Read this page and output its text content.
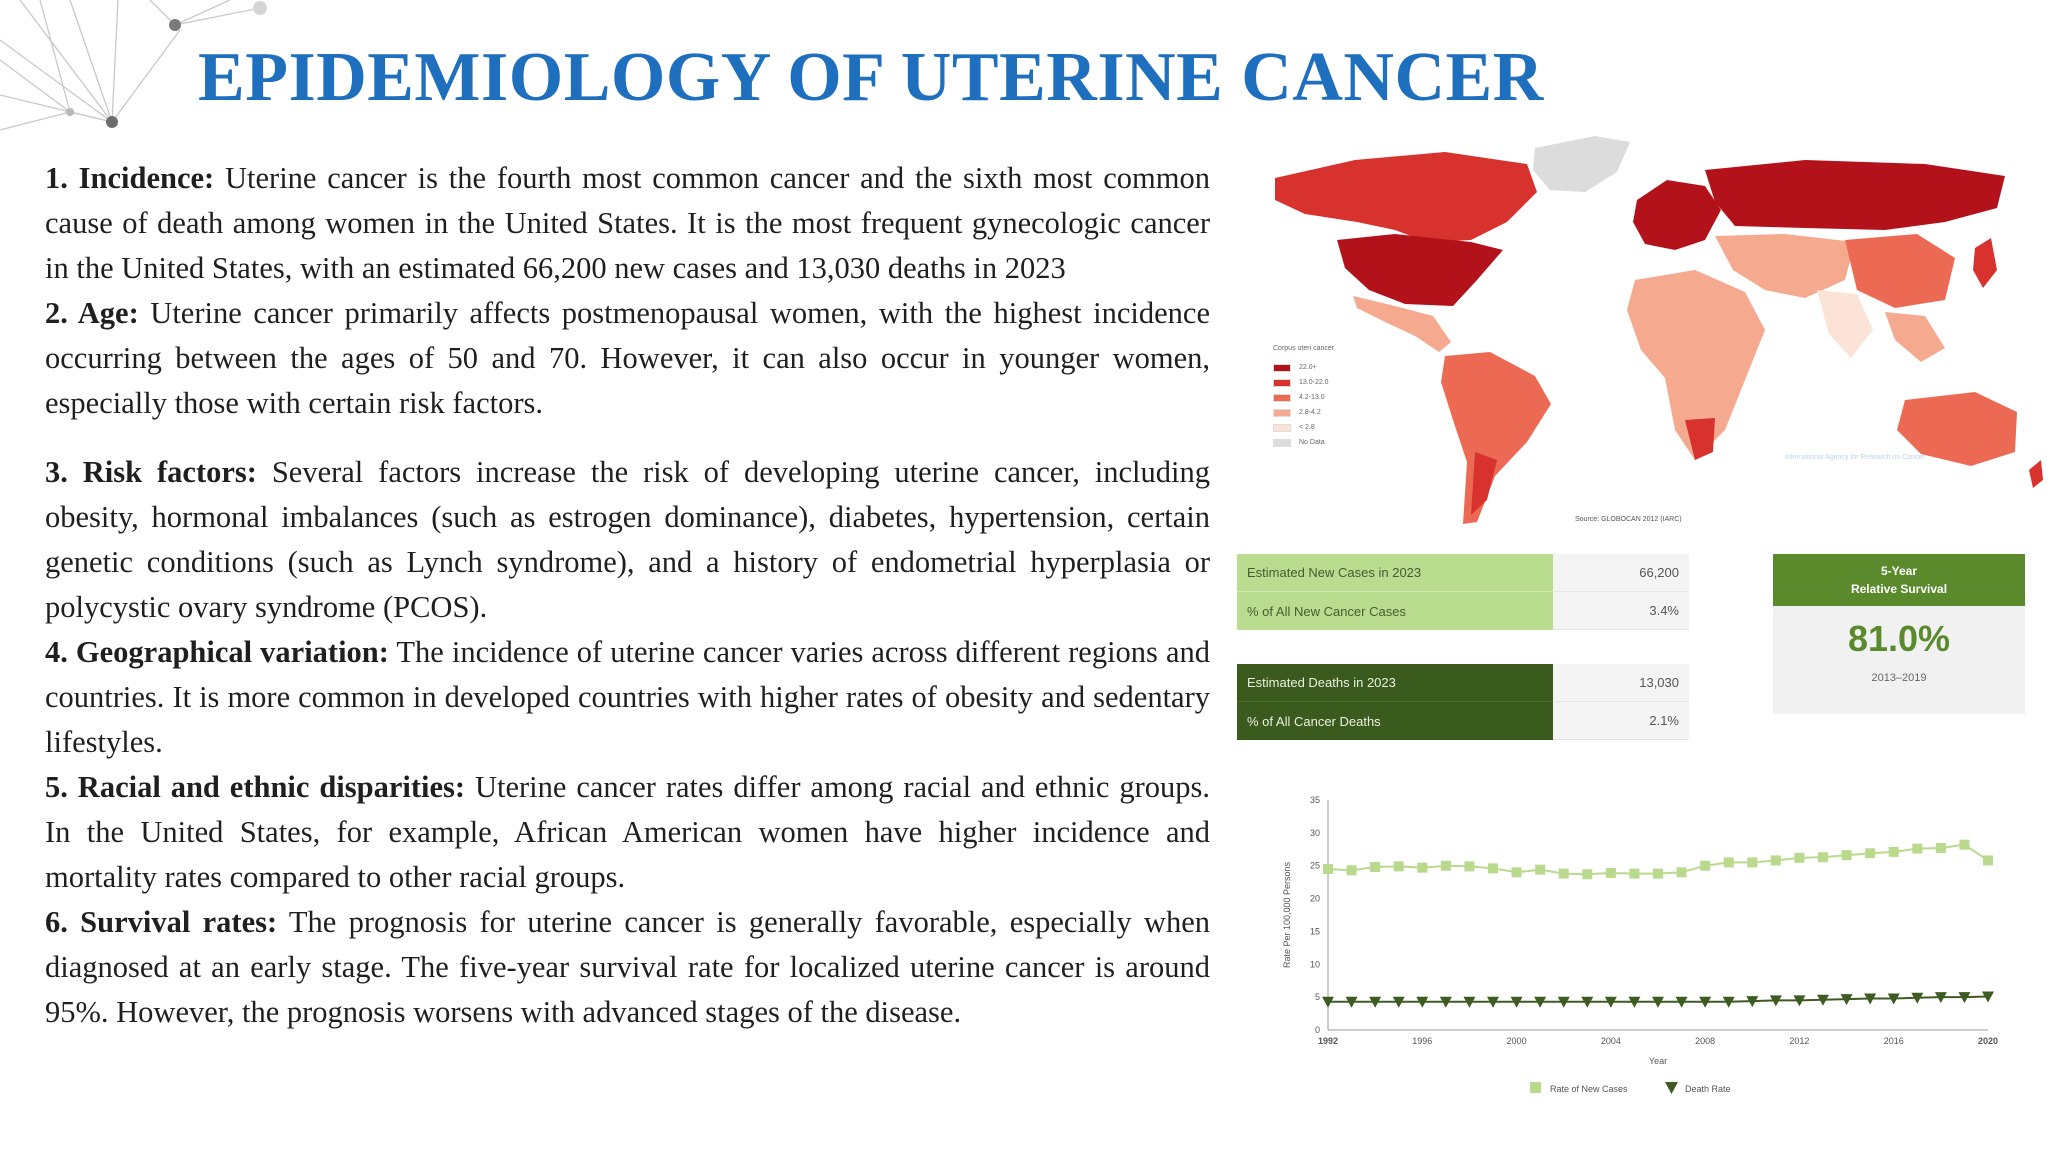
EPIDEMIOLOGY OF UTERINE CANCER

1. Incidence: Uterine cancer is the fourth most common cancer and the sixth most common cause of death among women in the United States. It is the most frequent gynecologic cancer in the United States, with an estimated 66,200 new cases and 13,030 deaths in 2023

2. Age: Uterine cancer primarily affects postmenopausal women, with the highest incidence occurring between the ages of 50 and 70. However, it can also occur in younger women, especially those with certain risk factors.

3. Risk factors: Several factors increase the risk of developing uterine cancer, including obesity, hormonal imbalances (such as estrogen dominance), diabetes, hypertension, certain genetic conditions (such as Lynch syndrome), and a history of endometrial hyperplasia or polycystic ovary syndrome (PCOS).

4. Geographical variation: The incidence of uterine cancer varies across different regions and countries. It is more common in developed countries with higher rates of obesity and sedentary lifestyles.

5. Racial and ethnic disparities: Uterine cancer rates differ among racial and ethnic groups. In the United States, for example, African American women have higher incidence and mortality rates compared to other racial groups.

6. Survival rates: The prognosis for uterine cancer is generally favorable, especially when diagnosed at an early stage. The five-year survival rate for localized uterine cancer is around 95%. However, the prognosis worsens with advanced stages of the disease.

Corpus uteri cancer
22.0+
13.0-22.0
4.2-13.0
2.8-4.2
< 2.8
No Data
International Agency for Research on Cancer
Source: GLOBOCAN 2012 (IARC)
Estimated New Cases in 2023	66,200
% of All New Cancer Cases	3.4%
Estimated Deaths in 2023	13,030
% of All Cancer Deaths	2.1%
5-Year
Relative Survival
81.0%
2013–2019
0
5
10
15
20
25
30
35
1992	1996	2000	2004	2008	2012	2016	2020
Year
Rate Per 100,000 Persons
Rate of New Cases	Death Rate
